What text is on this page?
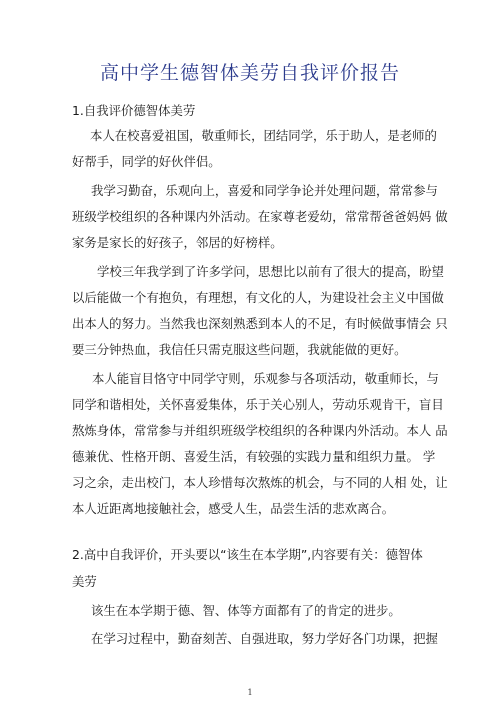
高中学生德智体美劳自我评价报告
1.自我评价德智体美劳
本人在校喜爱祖国，敬重师长，团结同学，乐于助人，是老师的
好帮手，同学的好伙伴侣。
我学习勤奋，乐观向上，喜爱和同学争论并处理问题，常常参与
班级学校组织的各种课内外活动。在家尊老爱幼，常常帮爸爸妈妈 做
家务是家长的好孩子，邻居的好榜样。
学校三年我学到了许多学问，思想比以前有了很大的提高，盼望
以后能做一个有抱负，有理想，有文化的人，为建设社会主义中国做
出本人的努力。当然我也深刻熟悉到本人的不足，有时候做事情会 只
要三分钟热血，我信任只需克服这些问题，我就能做的更好。
本人能盲目恪守中同学守则，乐观参与各项活动，敬重师长，与
同学和谐相处，关怀喜爱集体，乐于关心别人，劳动乐观肯干，盲目
熬炼身体，常常参与并组织班级学校组织的各种课内外活动。本人 品
德兼优、性格开朗、喜爱生活，有较强的实践力量和组织力量。 学
习之余，走出校门，本人珍惜每次熬炼的机会，与不同的人相 处，让
本人近距离地接触社会，感受人生，品尝生活的悲欢离合。
2.高中自我评价，开头要以“该生在本学期”,内容要有关：德智体
美劳
该生在本学期于德、智、体等方面都有了的肯定的进步。
在学习过程中，勤奋刻苦、自强进取，努力学好各门功课，把握
1
